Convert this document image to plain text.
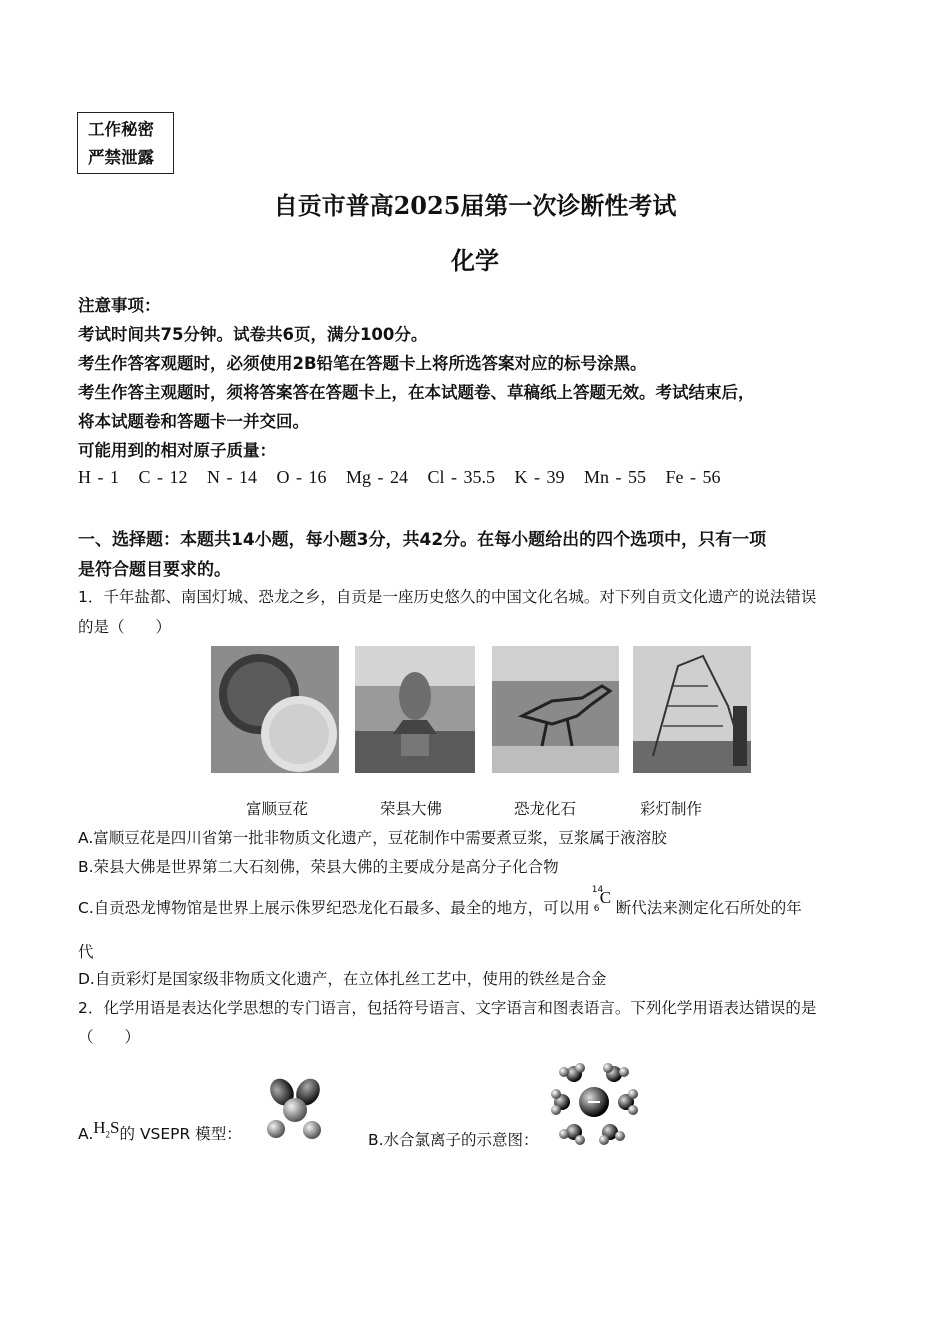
工作秘密
严禁泄露
自贡市普高2025届第一次诊断性考试
化学
注意事项：
考试时间共75分钟。试卷共6页，满分100分。
考生作答客观题时，必须使用2B铅笔在答题卡上将所选答案对应的标号涂黑。
考生作答主观题时，须将答案答在答题卡上，在本试题卷、草稿纸上答题无效。考试结束后，
将本试题卷和答题卡一并交回。
可能用到的相对原子质量：
H - 1   C - 12   N - 14   O - 16   Mg - 24   Cl - 35.5   K - 39   Mn - 55   Fe - 56
一、选择题：本题共14小题，每小题3分，共42分。在每小题给出的四个选项中，只有一项
是符合题目要求的。
1．千年盐都、南国灯城、恐龙之乡，自贡是一座历史悠久的中国文化名城。对下列自贡文化遗产的说法错误
的是（　　）
富顺豆花	荣县大佛	恐龙化石	彩灯制作
A.富顺豆花是四川省第一批非物质文化遗产，豆花制作中需要煮豆浆，豆浆属于液溶胶
B.荣县大佛是世界第二大石刻佛，荣县大佛的主要成分是高分子化合物
C.自贡恐龙博物馆是世界上展示侏罗纪恐龙化石最多、最全的地方，可以用
14
6
C
断代法来测定化石所处的年
代
D.自贡彩灯是国家级非物质文化遗产，在立体扎丝工艺中，使用的铁丝是合金
2．化学用语是表达化学思想的专门语言，包括符号语言、文字语言和图表语言。下列化学用语表达错误的是
（　　）
$A.H_2S$的 VSEPR 模型：	B.水合氯离子的示意图：
